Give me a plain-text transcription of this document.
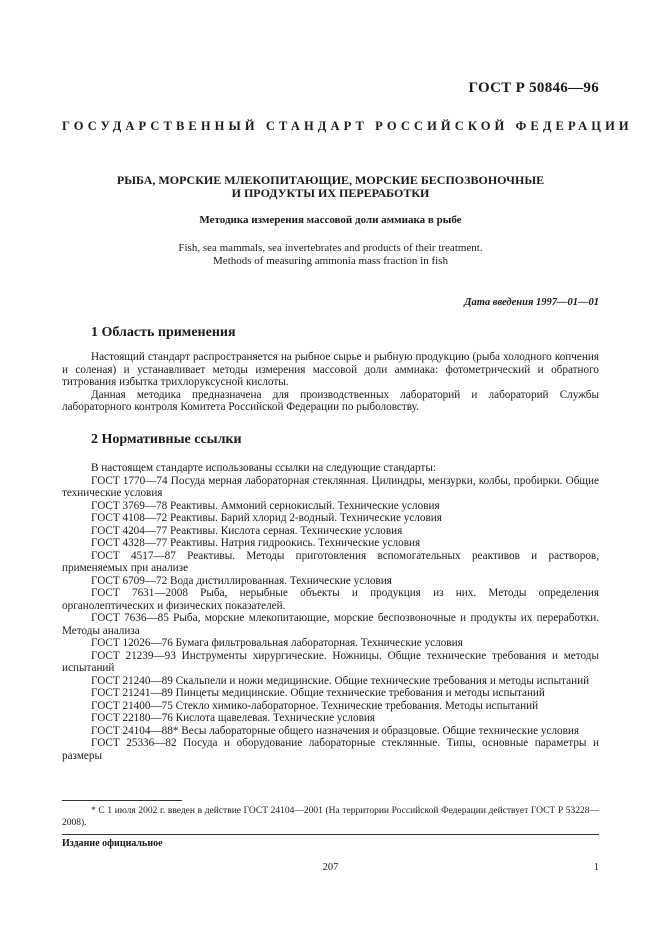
ГОСТ Р 50846—96
ГОСУДАРСТВЕННЫЙ СТАНДАРТ РОССИЙСКОЙ ФЕДЕРАЦИИ
РЫБА, МОРСКИЕ МЛЕКОПИТАЮЩИЕ, МОРСКИЕ БЕСПОЗВОНОЧНЫЕ
И ПРОДУКТЫ ИХ ПЕРЕРАБОТКИ
Методика измерения массовой доли аммиака в рыбе
Fish, sea mammals, sea invertebrates and products of their treatment.
Methods of measuring ammonia mass fraction in fish
Дата введения 1997—01—01
1 Область применения

Настоящий стандарт распространяется на рыбное сырье и рыбную продукцию (рыба холодного копчения и соленая) и устанавливает методы измерения массовой доли аммиака: фотометрический и обратного титрования избытка трихлоруксусной кислоты.

Данная методика предназначена для производственных лабораторий и лабораторий Службы лабораторного контроля Комитета Российской Федерации по рыболовству.

2 Нормативные ссылки

В настоящем стандарте использованы ссылки на следующие стандарты:

ГОСТ 1770—74 Посуда мерная лабораторная стеклянная. Цилиндры, мензурки, колбы, пробирки. Общие технические условия

ГОСТ 3769—78 Реактивы. Аммоний сернокислый. Технические условия

ГОСТ 4108—72 Реактивы. Барий хлорид 2-водный. Технические условия

ГОСТ 4204—77 Реактивы. Кислота серная. Технические условия

ГОСТ 4328—77 Реактивы. Натрия гидроокись. Технические условия

ГОСТ 4517—87 Реактивы. Методы приготовления вспомогательных реактивов и растворов, применяемых при анализе

ГОСТ 6709—72 Вода дистиллированная. Технические условия

ГОСТ 7631—2008 Рыба, нерыбные объекты и продукция из них. Методы определения органолептических и физических показателей.

ГОСТ 7636—85 Рыба, морские млекопитающие, морские беспозвоночные и продукты их переработки. Методы анализа

ГОСТ 12026—76 Бумага фильтровальная лабораторная. Технические условия

ГОСТ 21239—93 Инструменты хирургические. Ножницы. Общие технические требования и методы испытаний

ГОСТ 21240—89 Скальпели и ножи медицинские. Общие технические требования и методы испытаний

ГОСТ 21241—89 Пинцеты медицинские. Общие технические требования и методы испытаний

ГОСТ 21400—75 Стекло химико-лабораторное. Технические требования. Методы испытаний

ГОСТ 22180—76 Кислота щавелевая. Технические условия

ГОСТ 24104—88* Весы лабораторные общего назначения и образцовые. Общие технические условия

ГОСТ 25336—82 Посуда и оборудование лабораторные стеклянные. Типы, основные параметры и размеры

* С 1 июля 2002 г. введен в действие ГОСТ 24104—2001 (На территории Российской Федерации действует ГОСТ Р 53228—2008).

Издание официальное
207	1
